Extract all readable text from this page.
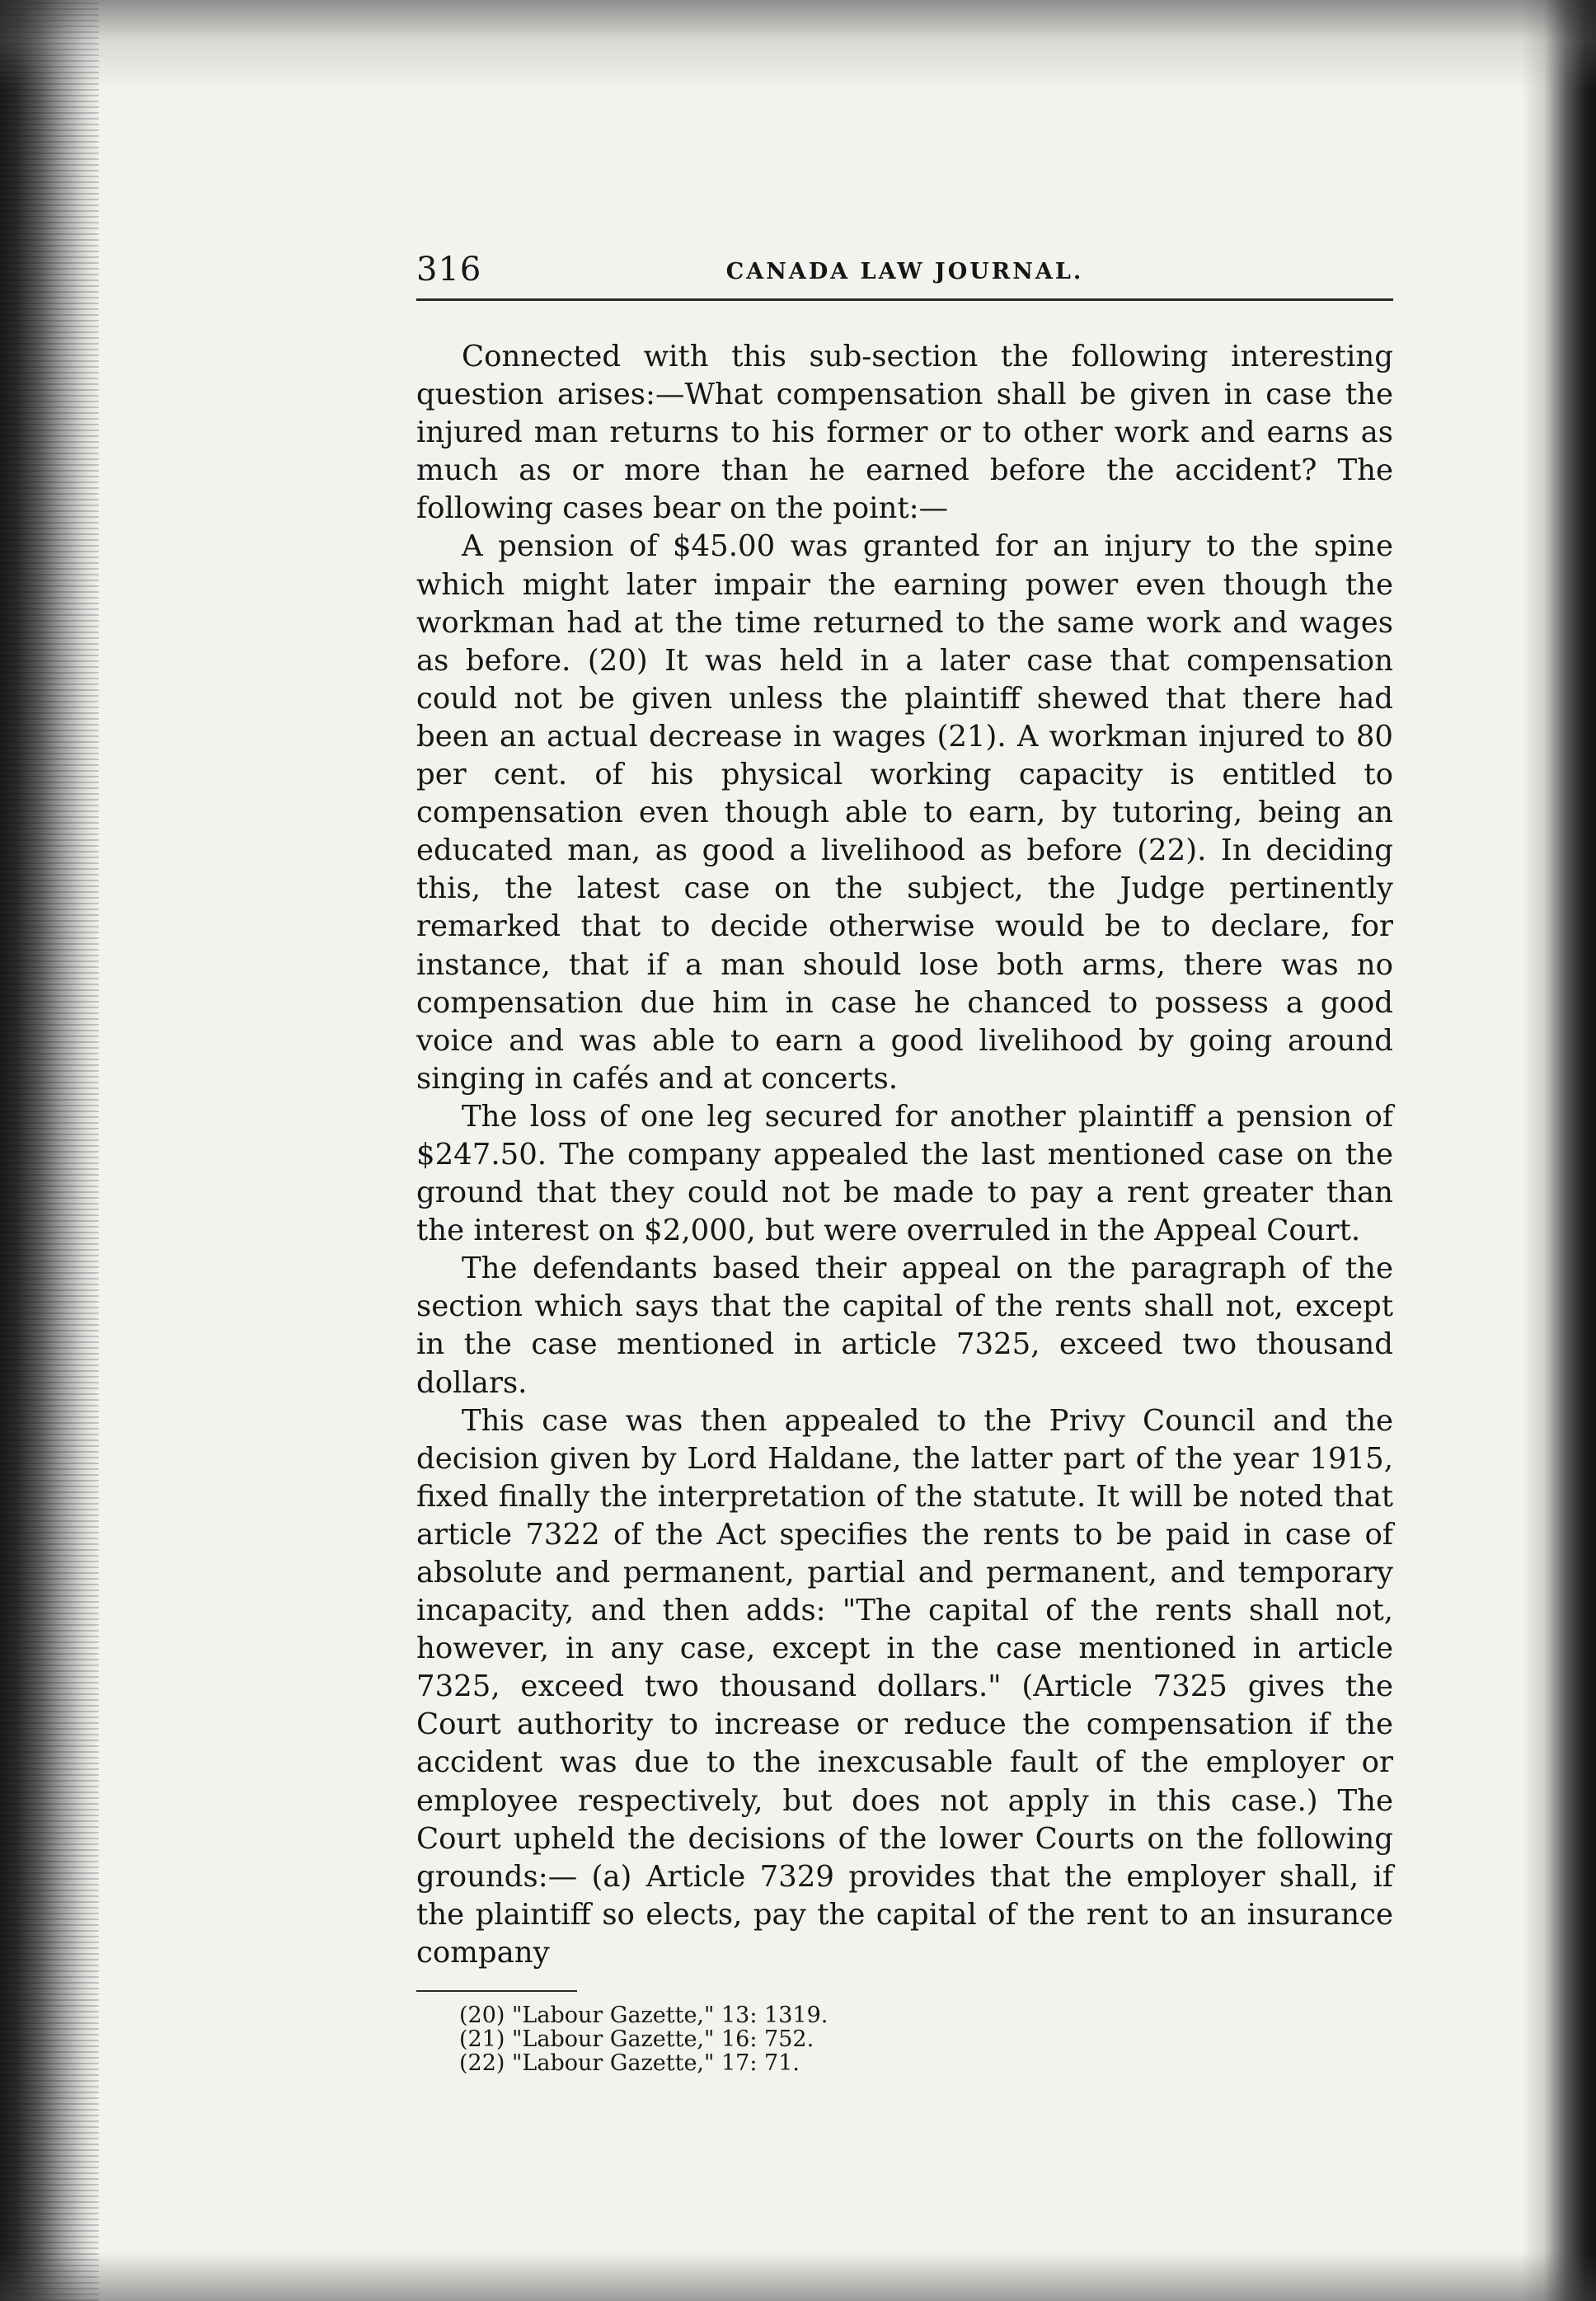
316	CANADA LAW JOURNAL.

Connected with this sub-section the following interesting question arises:—What compensation shall be given in case the injured man returns to his former or to other work and earns as much as or more than he earned before the accident? The following cases bear on the point:—

A pension of $45.00 was granted for an injury to the spine which might later impair the earning power even though the workman had at the time returned to the same work and wages as before. (20) It was held in a later case that compensation could not be given unless the plaintiff shewed that there had been an actual decrease in wages (21). A workman injured to 80 per cent. of his physical working capacity is entitled to compensation even though able to earn, by tutoring, being an educated man, as good a livelihood as before (22). In deciding this, the latest case on the subject, the Judge pertinently remarked that to decide otherwise would be to declare, for instance, that if a man should lose both arms, there was no compensation due him in case he chanced to possess a good voice and was able to earn a good livelihood by going around singing in cafés and at concerts.

The loss of one leg secured for another plaintiff a pension of $247.50. The company appealed the last mentioned case on the ground that they could not be made to pay a rent greater than the interest on $2,000, but were overruled in the Appeal Court.

The defendants based their appeal on the paragraph of the section which says that the capital of the rents shall not, except in the case mentioned in article 7325, exceed two thousand dollars.

This case was then appealed to the Privy Council and the decision given by Lord Haldane, the latter part of the year 1915, fixed finally the interpretation of the statute. It will be noted that article 7322 of the Act specifies the rents to be paid in case of absolute and permanent, partial and permanent, and temporary incapacity, and then adds: "The capital of the rents shall not, however, in any case, except in the case mentioned in article 7325, exceed two thousand dollars." (Article 7325 gives the Court authority to increase or reduce the compensation if the accident was due to the inexcusable fault of the employer or employee respectively, but does not apply in this case.) The Court upheld the decisions of the lower Courts on the following grounds:— (a) Article 7329 provides that the employer shall, if the plaintiff so elects, pay the capital of the rent to an insurance company

(20) "Labour Gazette," 13: 1319.
(21) "Labour Gazette," 16: 752.
(22) "Labour Gazette," 17: 71.
